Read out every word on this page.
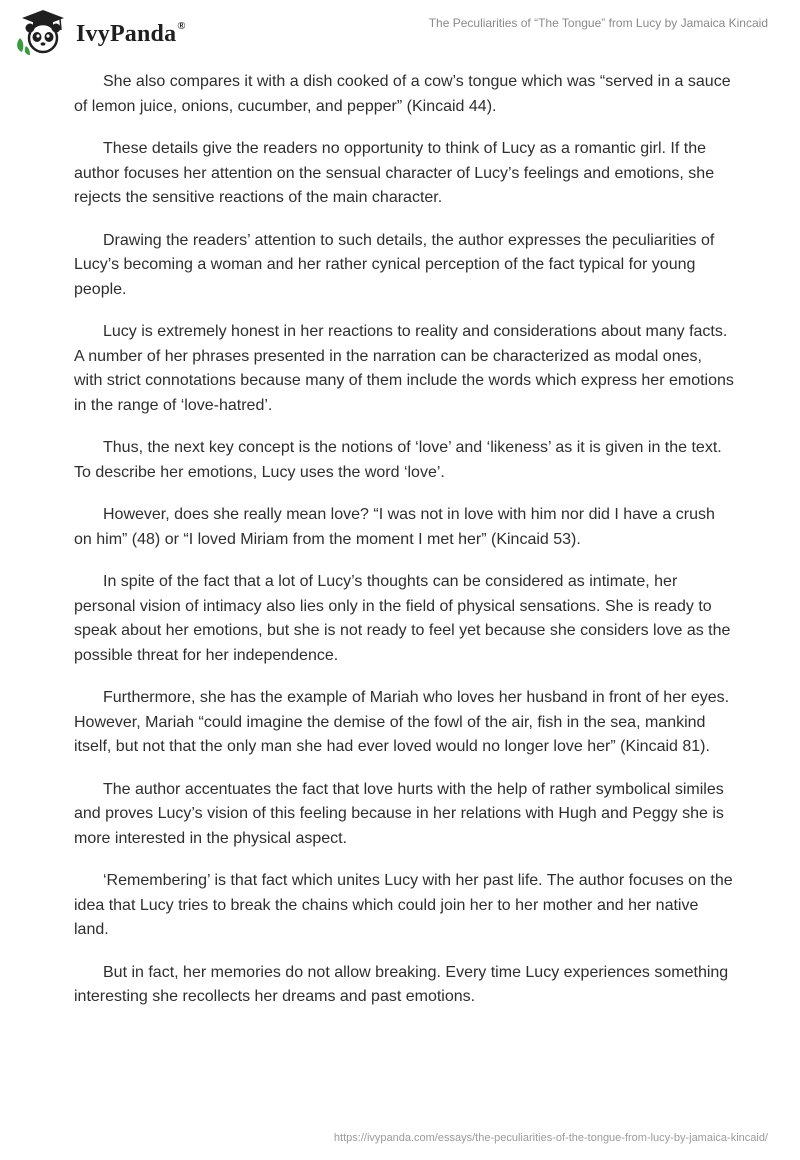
IvyPanda®	The Peculiarities of “The Tongue” from Lucy by Jamaica Kincaid

She also compares it with a dish cooked of a cow’s tongue which was “served in a sauce of lemon juice, onions, cucumber, and pepper” (Kincaid 44).

These details give the readers no opportunity to think of Lucy as a romantic girl. If the author focuses her attention on the sensual character of Lucy’s feelings and emotions, she rejects the sensitive reactions of the main character.

Drawing the readers’ attention to such details, the author expresses the peculiarities of Lucy’s becoming a woman and her rather cynical perception of the fact typical for young people.

Lucy is extremely honest in her reactions to reality and considerations about many facts. A number of her phrases presented in the narration can be characterized as modal ones, with strict connotations because many of them include the words which express her emotions in the range of ‘love-hatred’.

Thus, the next key concept is the notions of ‘love’ and ‘likeness’ as it is given in the text. To describe her emotions, Lucy uses the word ‘love’.

However, does she really mean love? “I was not in love with him nor did I have a crush on him” (48) or “I loved Miriam from the moment I met her” (Kincaid 53).

In spite of the fact that a lot of Lucy’s thoughts can be considered as intimate, her personal vision of intimacy also lies only in the field of physical sensations. She is ready to speak about her emotions, but she is not ready to feel yet because she considers love as the possible threat for her independence.

Furthermore, she has the example of Mariah who loves her husband in front of her eyes. However, Mariah “could imagine the demise of the fowl of the air, fish in the sea, mankind itself, but not that the only man she had ever loved would no longer love her” (Kincaid 81).

The author accentuates the fact that love hurts with the help of rather symbolical similes and proves Lucy’s vision of this feeling because in her relations with Hugh and Peggy she is more interested in the physical aspect.

‘Remembering’ is that fact which unites Lucy with her past life. The author focuses on the idea that Lucy tries to break the chains which could join her to her mother and her native land.

But in fact, her memories do not allow breaking. Every time Lucy experiences something interesting she recollects her dreams and past emotions.

https://ivypanda.com/essays/the-peculiarities-of-the-tongue-from-lucy-by-jamaica-kincaid/
